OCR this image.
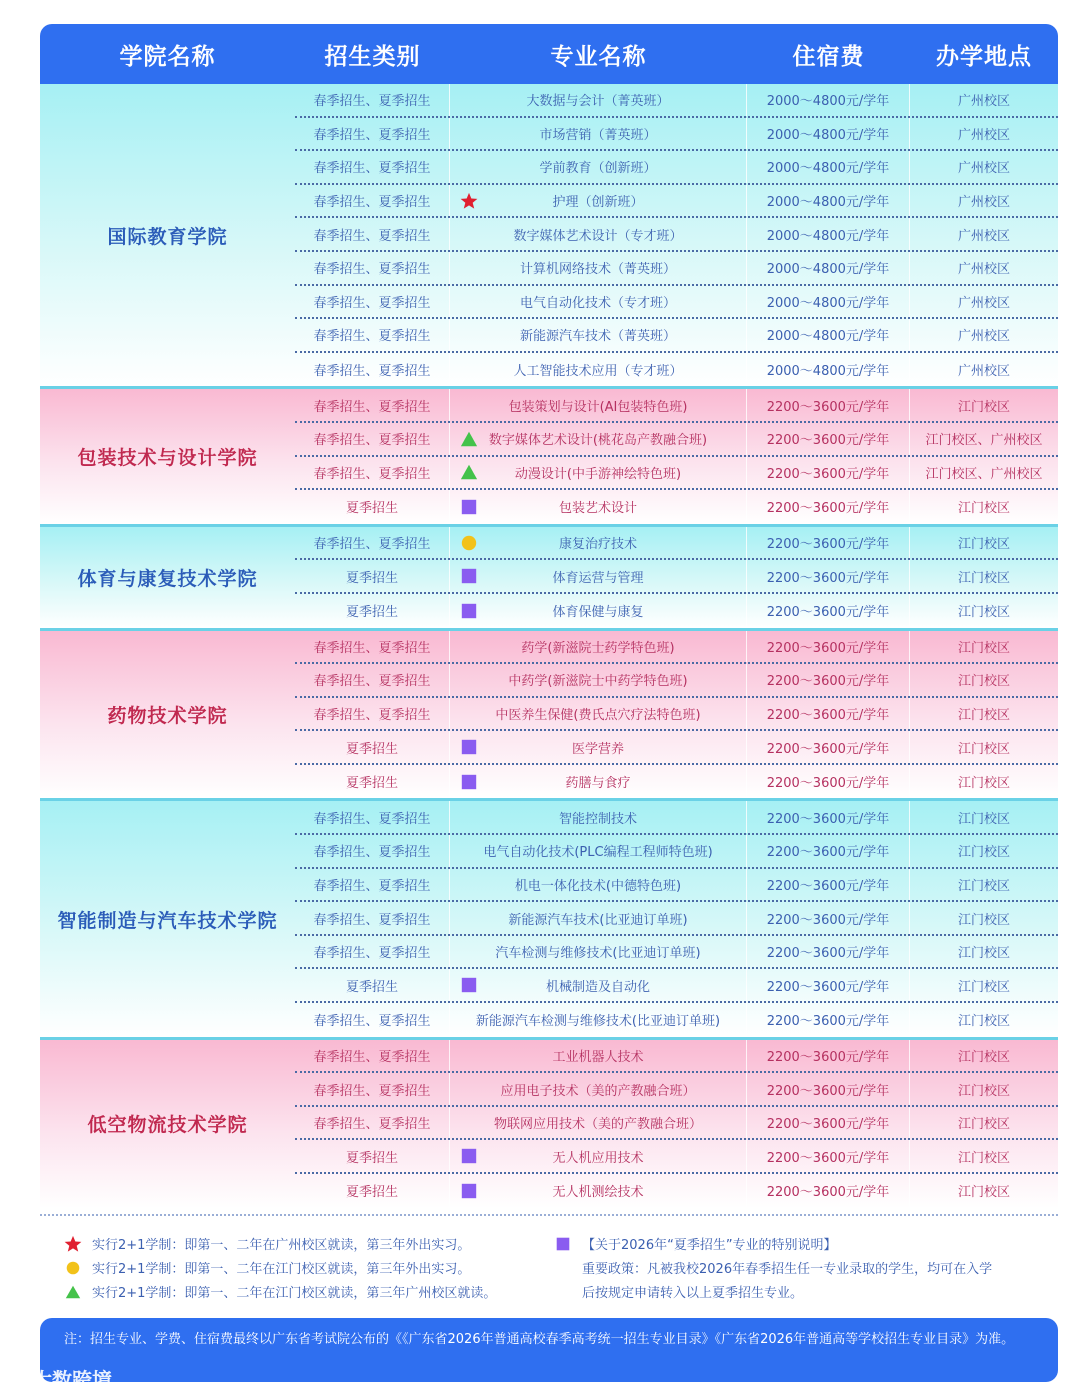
学院名称	招生类别	专业名称	住宿费	办学地点
国际教育学院
春季招生、夏季招生	大数据与会计（菁英班）	2000～4800元/学年	广州校区
春季招生、夏季招生	市场营销（菁英班）	2000～4800元/学年	广州校区
春季招生、夏季招生	学前教育（创新班）	2000～4800元/学年	广州校区
春季招生、夏季招生	护理（创新班）	2000～4800元/学年	广州校区
春季招生、夏季招生	数字媒体艺术设计（专才班）	2000～4800元/学年	广州校区
春季招生、夏季招生	计算机网络技术（菁英班）	2000～4800元/学年	广州校区
春季招生、夏季招生	电气自动化技术（专才班）	2000～4800元/学年	广州校区
春季招生、夏季招生	新能源汽车技术（菁英班）	2000～4800元/学年	广州校区
春季招生、夏季招生	人工智能技术应用（专才班）	2000～4800元/学年	广州校区
包装技术与设计学院
春季招生、夏季招生	包装策划与设计(AI包装特色班)	2200～3600元/学年	江门校区
春季招生、夏季招生	数字媒体艺术设计(桃花岛产教融合班)	2200～3600元/学年	江门校区、广州校区
春季招生、夏季招生	动漫设计(中手游神绘特色班)	2200～3600元/学年	江门校区、广州校区
夏季招生	包装艺术设计	2200～3600元/学年	江门校区
体育与康复技术学院
春季招生、夏季招生	康复治疗技术	2200～3600元/学年	江门校区
夏季招生	体育运营与管理	2200～3600元/学年	江门校区
夏季招生	体育保健与康复	2200～3600元/学年	江门校区
药物技术学院
春季招生、夏季招生	药学(新滋院士药学特色班)	2200～3600元/学年	江门校区
春季招生、夏季招生	中药学(新滋院士中药学特色班)	2200～3600元/学年	江门校区
春季招生、夏季招生	中医养生保健(费氏点穴疗法特色班)	2200～3600元/学年	江门校区
夏季招生	医学营养	2200～3600元/学年	江门校区
夏季招生	药膳与食疗	2200～3600元/学年	江门校区
智能制造与汽车技术学院
春季招生、夏季招生	智能控制技术	2200～3600元/学年	江门校区
春季招生、夏季招生	电气自动化技术(PLC编程工程师特色班)	2200～3600元/学年	江门校区
春季招生、夏季招生	机电一体化技术(中德特色班)	2200～3600元/学年	江门校区
春季招生、夏季招生	新能源汽车技术(比亚迪订单班)	2200～3600元/学年	江门校区
春季招生、夏季招生	汽车检测与维修技术(比亚迪订单班)	2200～3600元/学年	江门校区
夏季招生	机械制造及自动化	2200～3600元/学年	江门校区
春季招生、夏季招生	新能源汽车检测与维修技术(比亚迪订单班)	2200～3600元/学年	江门校区
低空物流技术学院
春季招生、夏季招生	工业机器人技术	2200～3600元/学年	江门校区
春季招生、夏季招生	应用电子技术（美的产教融合班）	2200～3600元/学年	江门校区
春季招生、夏季招生	物联网应用技术（美的产教融合班）	2200～3600元/学年	江门校区
夏季招生	无人机应用技术	2200～3600元/学年	江门校区
夏季招生	无人机测绘技术	2200～3600元/学年	江门校区
实行2+1学制：即第一、二年在广州校区就读，第三年外出实习。
实行2+1学制：即第一、二年在江门校区就读，第三年外出实习。
实行2+1学制：即第一、二年在江门校区就读，第三年广州校区就读。
【关于2026年“夏季招生”专业的特别说明】
重要政策：凡被我校2026年春季招生任一专业录取的学生，均可在入学
后按规定申请转入以上夏季招生专业。
注：招生专业、学费、住宿费最终以广东省考试院公布的《《广东省2026年普通高校春季高考统一招生专业目录》《广东省2026年普通高等学校招生专业目录》为准。
℗ 大数跨境
